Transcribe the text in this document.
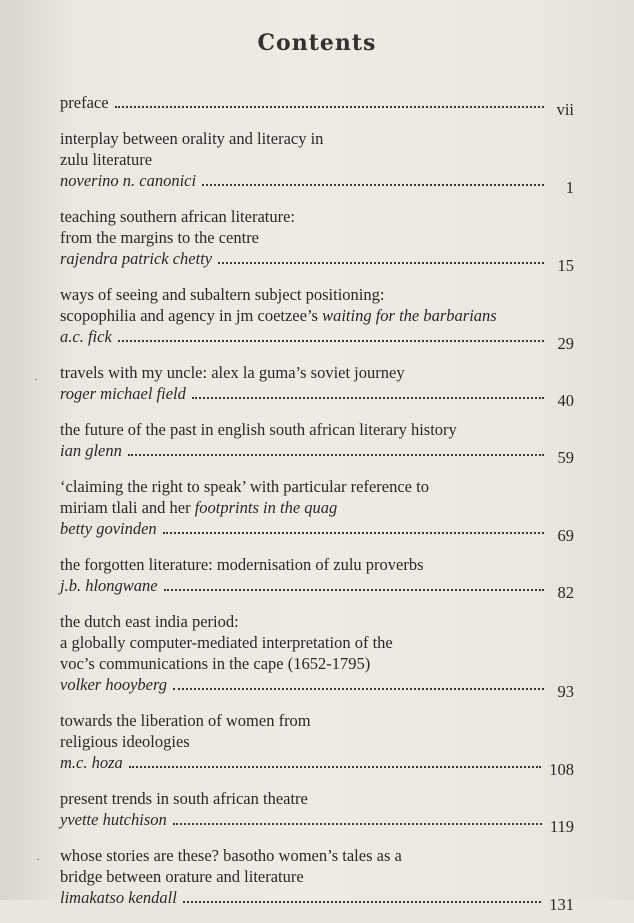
Contents
preface	vii
interplay between orality and literacy in
zulu literature
noverino n. canonici	1
teaching southern african literature:
from the margins to the centre
rajendra patrick chetty	15
ways of seeing and subaltern subject positioning:
scopophilia and agency in jm coetzee’s waiting for the barbarians
a.c. fick	29
travels with my uncle: alex la guma’s soviet journey
roger michael field	40
the future of the past in english south african literary history
ian glenn	59
‘claiming the right to speak’ with particular reference to
miriam tlali and her footprints in the quag
betty govinden	69
the forgotten literature: modernisation of zulu proverbs
j.b. hlongwane	82
the dutch east india period:
a globally computer-mediated interpretation of the
voc’s communications in the cape (1652-1795)
volker hooyberg	93
towards the liberation of women from
religious ideologies
m.c. hoza	108
present trends in south african theatre
yvette hutchison	119
whose stories are these? basotho women’s tales as a
bridge between orature and literature
limakatso kendall	131
·
·
